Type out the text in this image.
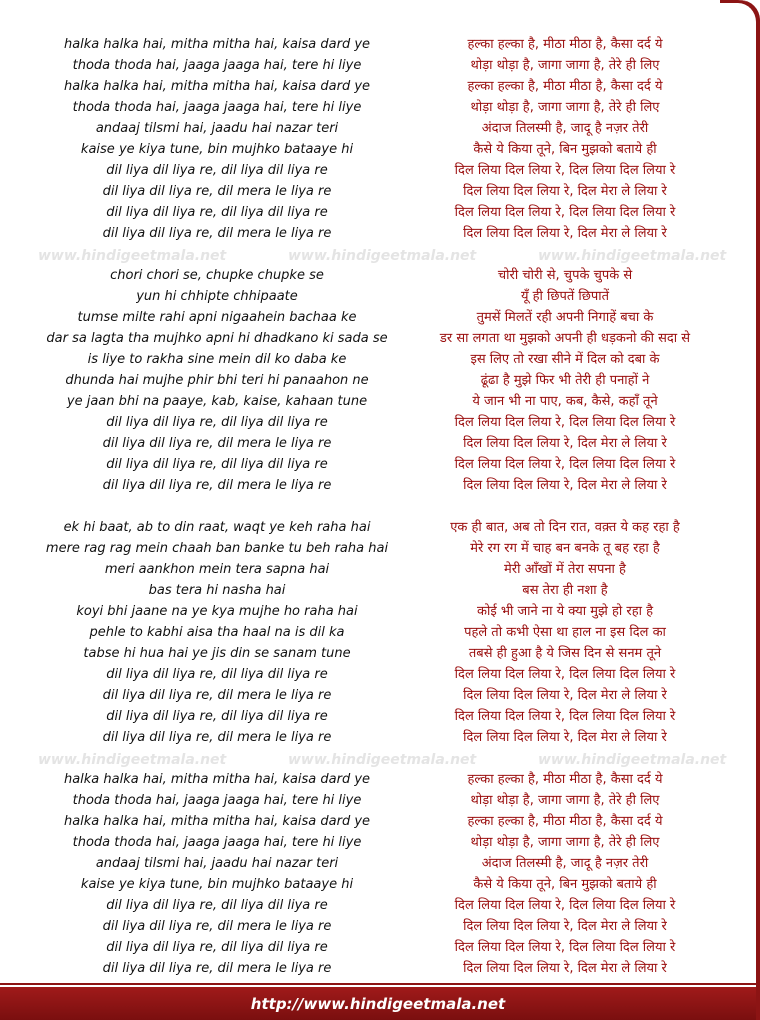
www.hindigeetmala.net	www.hindigeetmala.net	www.hindigeetmala.net
www.hindigeetmala.net	www.hindigeetmala.net	www.hindigeetmala.net
halka halka hai, mitha mitha hai, kaisa dard ye	हल्का हल्का है, मीठा मीठा है, कैसा दर्द ये
thoda thoda hai, jaaga jaaga hai, tere hi liye	थोड़ा थोड़ा है, जागा जागा है, तेरे ही लिए
halka halka hai, mitha mitha hai, kaisa dard ye	हल्का हल्का है, मीठा मीठा है, कैसा दर्द ये
thoda thoda hai, jaaga jaaga hai, tere hi liye	थोड़ा थोड़ा है, जागा जागा है, तेरे ही लिए
andaaj tilsmi hai, jaadu hai nazar teri	अंदाज तिलस्मी है, जादू है नज़र तेरी
kaise ye kiya tune, bin mujhko bataaye hi	कैसे ये किया तूने, बिन मुझको बताये ही
dil liya dil liya re, dil liya dil liya re	दिल लिया दिल लिया रे, दिल लिया दिल लिया रे
dil liya dil liya re, dil mera le liya re	दिल लिया दिल लिया रे, दिल मेरा ले लिया रे
dil liya dil liya re, dil liya dil liya re	दिल लिया दिल लिया रे, दिल लिया दिल लिया रे
dil liya dil liya re, dil mera le liya re	दिल लिया दिल लिया रे, दिल मेरा ले लिया रे
chori chori se, chupke chupke se	चोरी चोरी से, चुपके चुपके से
yun hi chhipte chhipaate	यूँ ही छिपतें छिपातें
tumse milte rahi apni nigaahein bachaa ke	तुमसें मिलतें रही अपनी निगाहें बचा के
dar sa lagta tha mujhko apni hi dhadkano ki sada se	डर सा लगता था मुझको अपनी ही धड़कनो की सदा से
is liye to rakha sine mein dil ko daba ke	इस लिए तो रखा सीने में दिल को दबा के
dhunda hai mujhe phir bhi teri hi panaahon ne	ढूंढा है मुझे फिर भी तेरी ही पनाहों ने
ye jaan bhi na paaye, kab, kaise, kahaan tune	ये जान भी ना पाए, कब, कैसे, कहाँ तूने
dil liya dil liya re, dil liya dil liya re	दिल लिया दिल लिया रे, दिल लिया दिल लिया रे
dil liya dil liya re, dil mera le liya re	दिल लिया दिल लिया रे, दिल मेरा ले लिया रे
dil liya dil liya re, dil liya dil liya re	दिल लिया दिल लिया रे, दिल लिया दिल लिया रे
dil liya dil liya re, dil mera le liya re	दिल लिया दिल लिया रे, दिल मेरा ले लिया रे
ek hi baat, ab to din raat, waqt ye keh raha hai	एक ही बात, अब तो दिन रात, वक़्त ये कह रहा है
mere rag rag mein chaah ban banke tu beh raha hai	मेरे रग रग में चाह बन बनके तू बह रहा है
meri aankhon mein tera sapna hai	मेरी आँखों में तेरा सपना है
bas tera hi nasha hai	बस तेरा ही नशा है
koyi bhi jaane na ye kya mujhe ho raha hai	कोई भी जाने ना ये क्या मुझे हो रहा है
pehle to kabhi aisa tha haal na is dil ka	पहले तो कभी ऐसा था हाल ना इस दिल का
tabse hi hua hai ye jis din se sanam tune	तबसे ही हुआ है ये जिस दिन से सनम तूने
dil liya dil liya re, dil liya dil liya re	दिल लिया दिल लिया रे, दिल लिया दिल लिया रे
dil liya dil liya re, dil mera le liya re	दिल लिया दिल लिया रे, दिल मेरा ले लिया रे
dil liya dil liya re, dil liya dil liya re	दिल लिया दिल लिया रे, दिल लिया दिल लिया रे
dil liya dil liya re, dil mera le liya re	दिल लिया दिल लिया रे, दिल मेरा ले लिया रे
halka halka hai, mitha mitha hai, kaisa dard ye	हल्का हल्का है, मीठा मीठा है, कैसा दर्द ये
thoda thoda hai, jaaga jaaga hai, tere hi liye	थोड़ा थोड़ा है, जागा जागा है, तेरे ही लिए
halka halka hai, mitha mitha hai, kaisa dard ye	हल्का हल्का है, मीठा मीठा है, कैसा दर्द ये
thoda thoda hai, jaaga jaaga hai, tere hi liye	थोड़ा थोड़ा है, जागा जागा है, तेरे ही लिए
andaaj tilsmi hai, jaadu hai nazar teri	अंदाज तिलस्मी है, जादू है नज़र तेरी
kaise ye kiya tune, bin mujhko bataaye hi	कैसे ये किया तूने, बिन मुझको बताये ही
dil liya dil liya re, dil liya dil liya re	दिल लिया दिल लिया रे, दिल लिया दिल लिया रे
dil liya dil liya re, dil mera le liya re	दिल लिया दिल लिया रे, दिल मेरा ले लिया रे
dil liya dil liya re, dil liya dil liya re	दिल लिया दिल लिया रे, दिल लिया दिल लिया रे
dil liya dil liya re, dil mera le liya re	दिल लिया दिल लिया रे, दिल मेरा ले लिया रे
http://www.hindigeetmala.net
